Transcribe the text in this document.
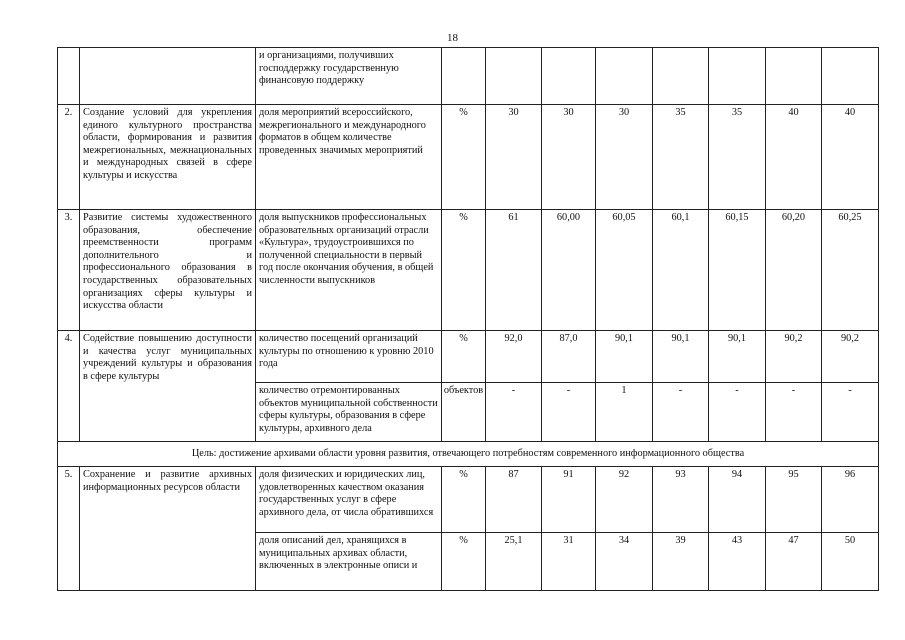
18
		и организациями, получивших господдержку государственную финансовую поддержку								
2.	Создание условий для укрепления единого культурного пространства области, формирования и развития межрегиональных, межнациональных и международных связей в сфере культуры и искусства	доля мероприятий всероссийского, межрегионального и международного форматов в общем количестве проведенных значимых мероприятий	%	30	30	30	35	35	40	40
3.	Развитие системы художественного образования, обеспечение преемственности программ дополнительного и профессионального образования в государственных образовательных организациях сферы культуры и искусства области	доля выпускников профессиональных образовательных организаций отрасли «Культура», трудоустроившихся по полученной специальности в первый год после окончания обучения, в общей численности выпускников	%	61	60,00	60,05	60,1	60,15	60,20	60,25
4.	Содействие повышению доступности и качества услуг муниципальных учреждений культуры и образования в сфере культуры	количество посещений организаций культуры по отношению к уровню 2010 года	%	92,0	87,0	90,1	90,1	90,1	90,2	90,2
		количество отремонтированных объектов муниципальной собственности сферы культуры, образования в сфере культуры, архивного дела	объектов	-	-	1	-	-	-	-
Цель: достижение архивами области уровня развития, отвечающего потребностям современного информационного общества										
5.	Сохранение и развитие архивных информационных ресурсов области	доля физических и юридических лиц, удовлетворенных качеством оказания государственных услуг в сфере архивного дела, от числа обратившихся	%	87	91	92	93	94	95	96
		доля описаний дел, хранящихся в муниципальных архивах области, включенных в электронные описи и	%	25,1	31	34	39	43	47	50
